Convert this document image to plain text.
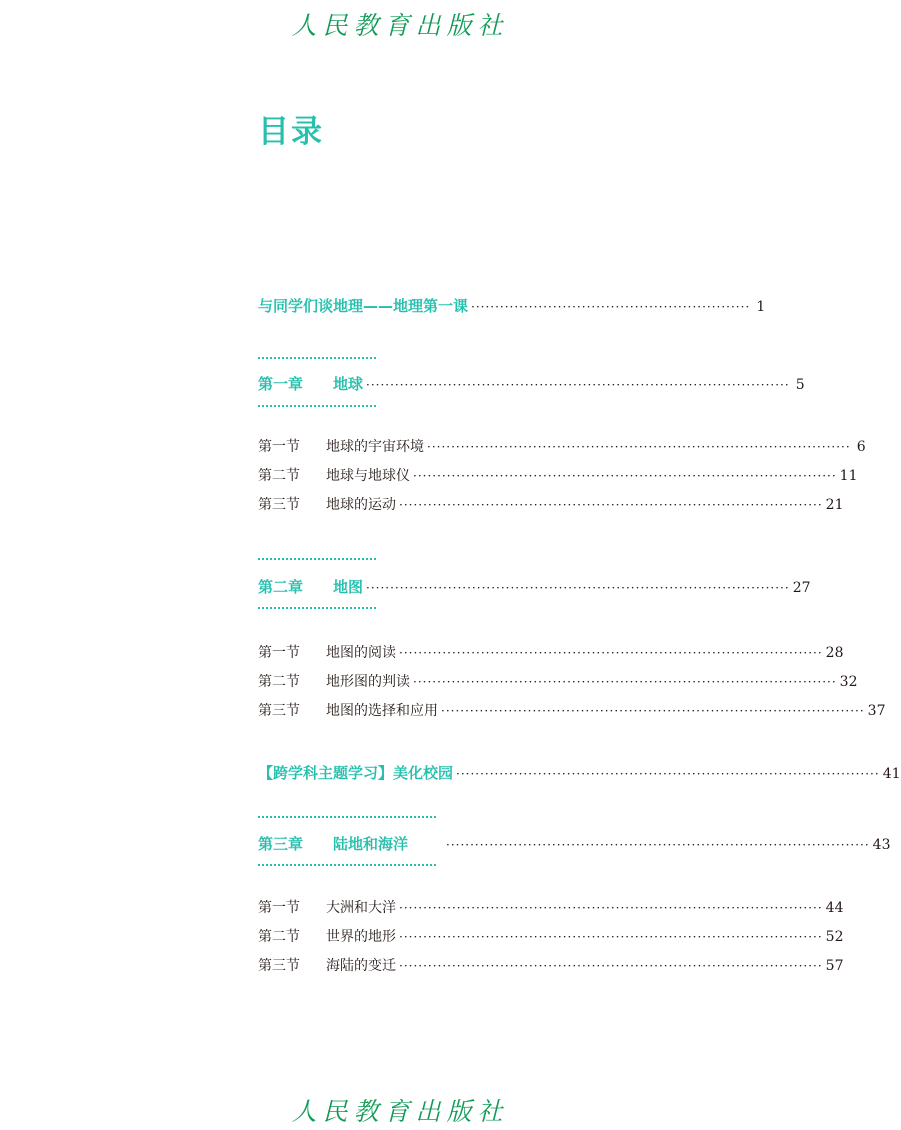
人民教育出版社
目录
与同学们谈地理——地理第一课 ·························································· 1
第一章 地球 ························································································ 5
第一节 地球的宇宙环境 ························································································ 6
第二节 地球与地球仪 ························································································ 11
第三节 地球的运动 ························································································ 21
第二章 地图 ························································································ 27
第一节 地图的阅读 ························································································ 28
第二节 地形图的判读 ························································································ 32
第三节 地图的选择和应用 ························································································ 37
【跨学科主题学习】美化校园 ························································································ 41
第三章 陆地和海洋	························································································ 43
第一节 大洲和大洋 ························································································ 44
第二节 世界的地形 ························································································ 52
第三节 海陆的变迁 ························································································ 57
人民教育出版社
